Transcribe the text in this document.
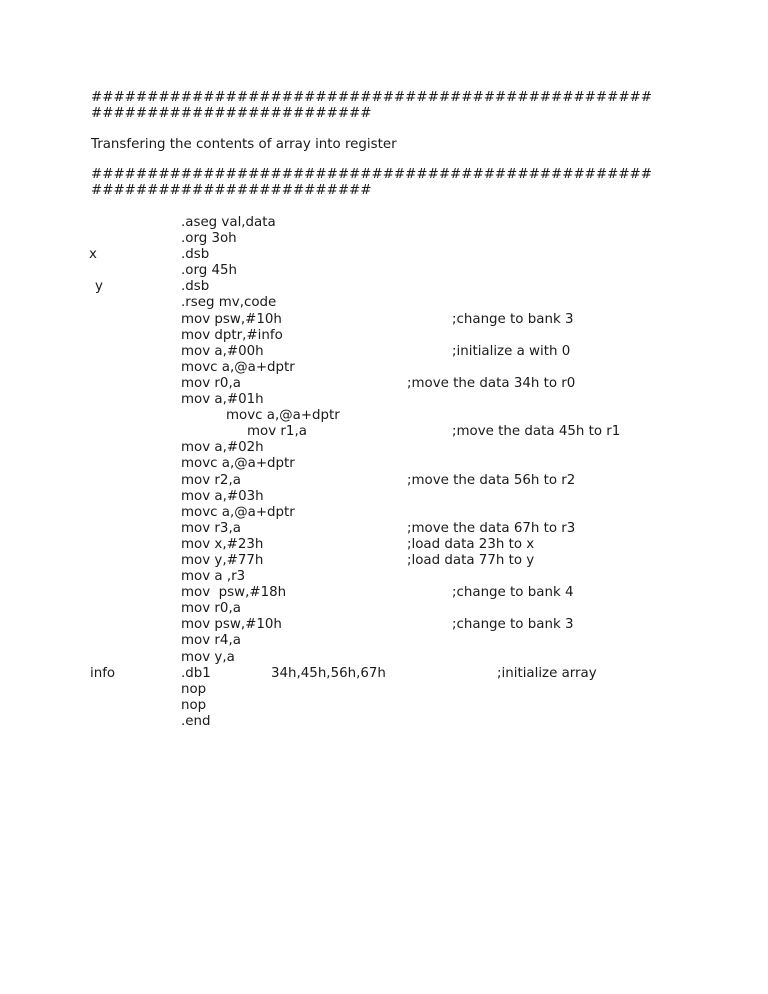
##################################################
#########################
Transfering the contents of array into register
##################################################
#########################
.aseg val,data
.org 3oh
x	.dsb
.org 45h
y	.dsb
.rseg mv,code
mov psw,#10h	;change to bank 3
mov dptr,#info
mov a,#00h	;initialize a with 0
movc a,@a+dptr
mov r0,a	;move the data 34h to r0
mov a,#01h
movc a,@a+dptr
mov r1,a	;move the data 45h to r1
mov a,#02h
movc a,@a+dptr
mov r2,a	;move the data 56h to r2
mov a,#03h
movc a,@a+dptr
mov r3,a	;move the data 67h to r3
mov x,#23h	;load data 23h to x
mov y,#77h	;load data 77h to y
mov a ,r3
mov  psw,#18h	;change to bank 4
mov r0,a
mov psw,#10h	;change to bank 3
mov r4,a
mov y,a
info	.db1	34h,45h,56h,67h	;initialize array
nop
nop
.end
